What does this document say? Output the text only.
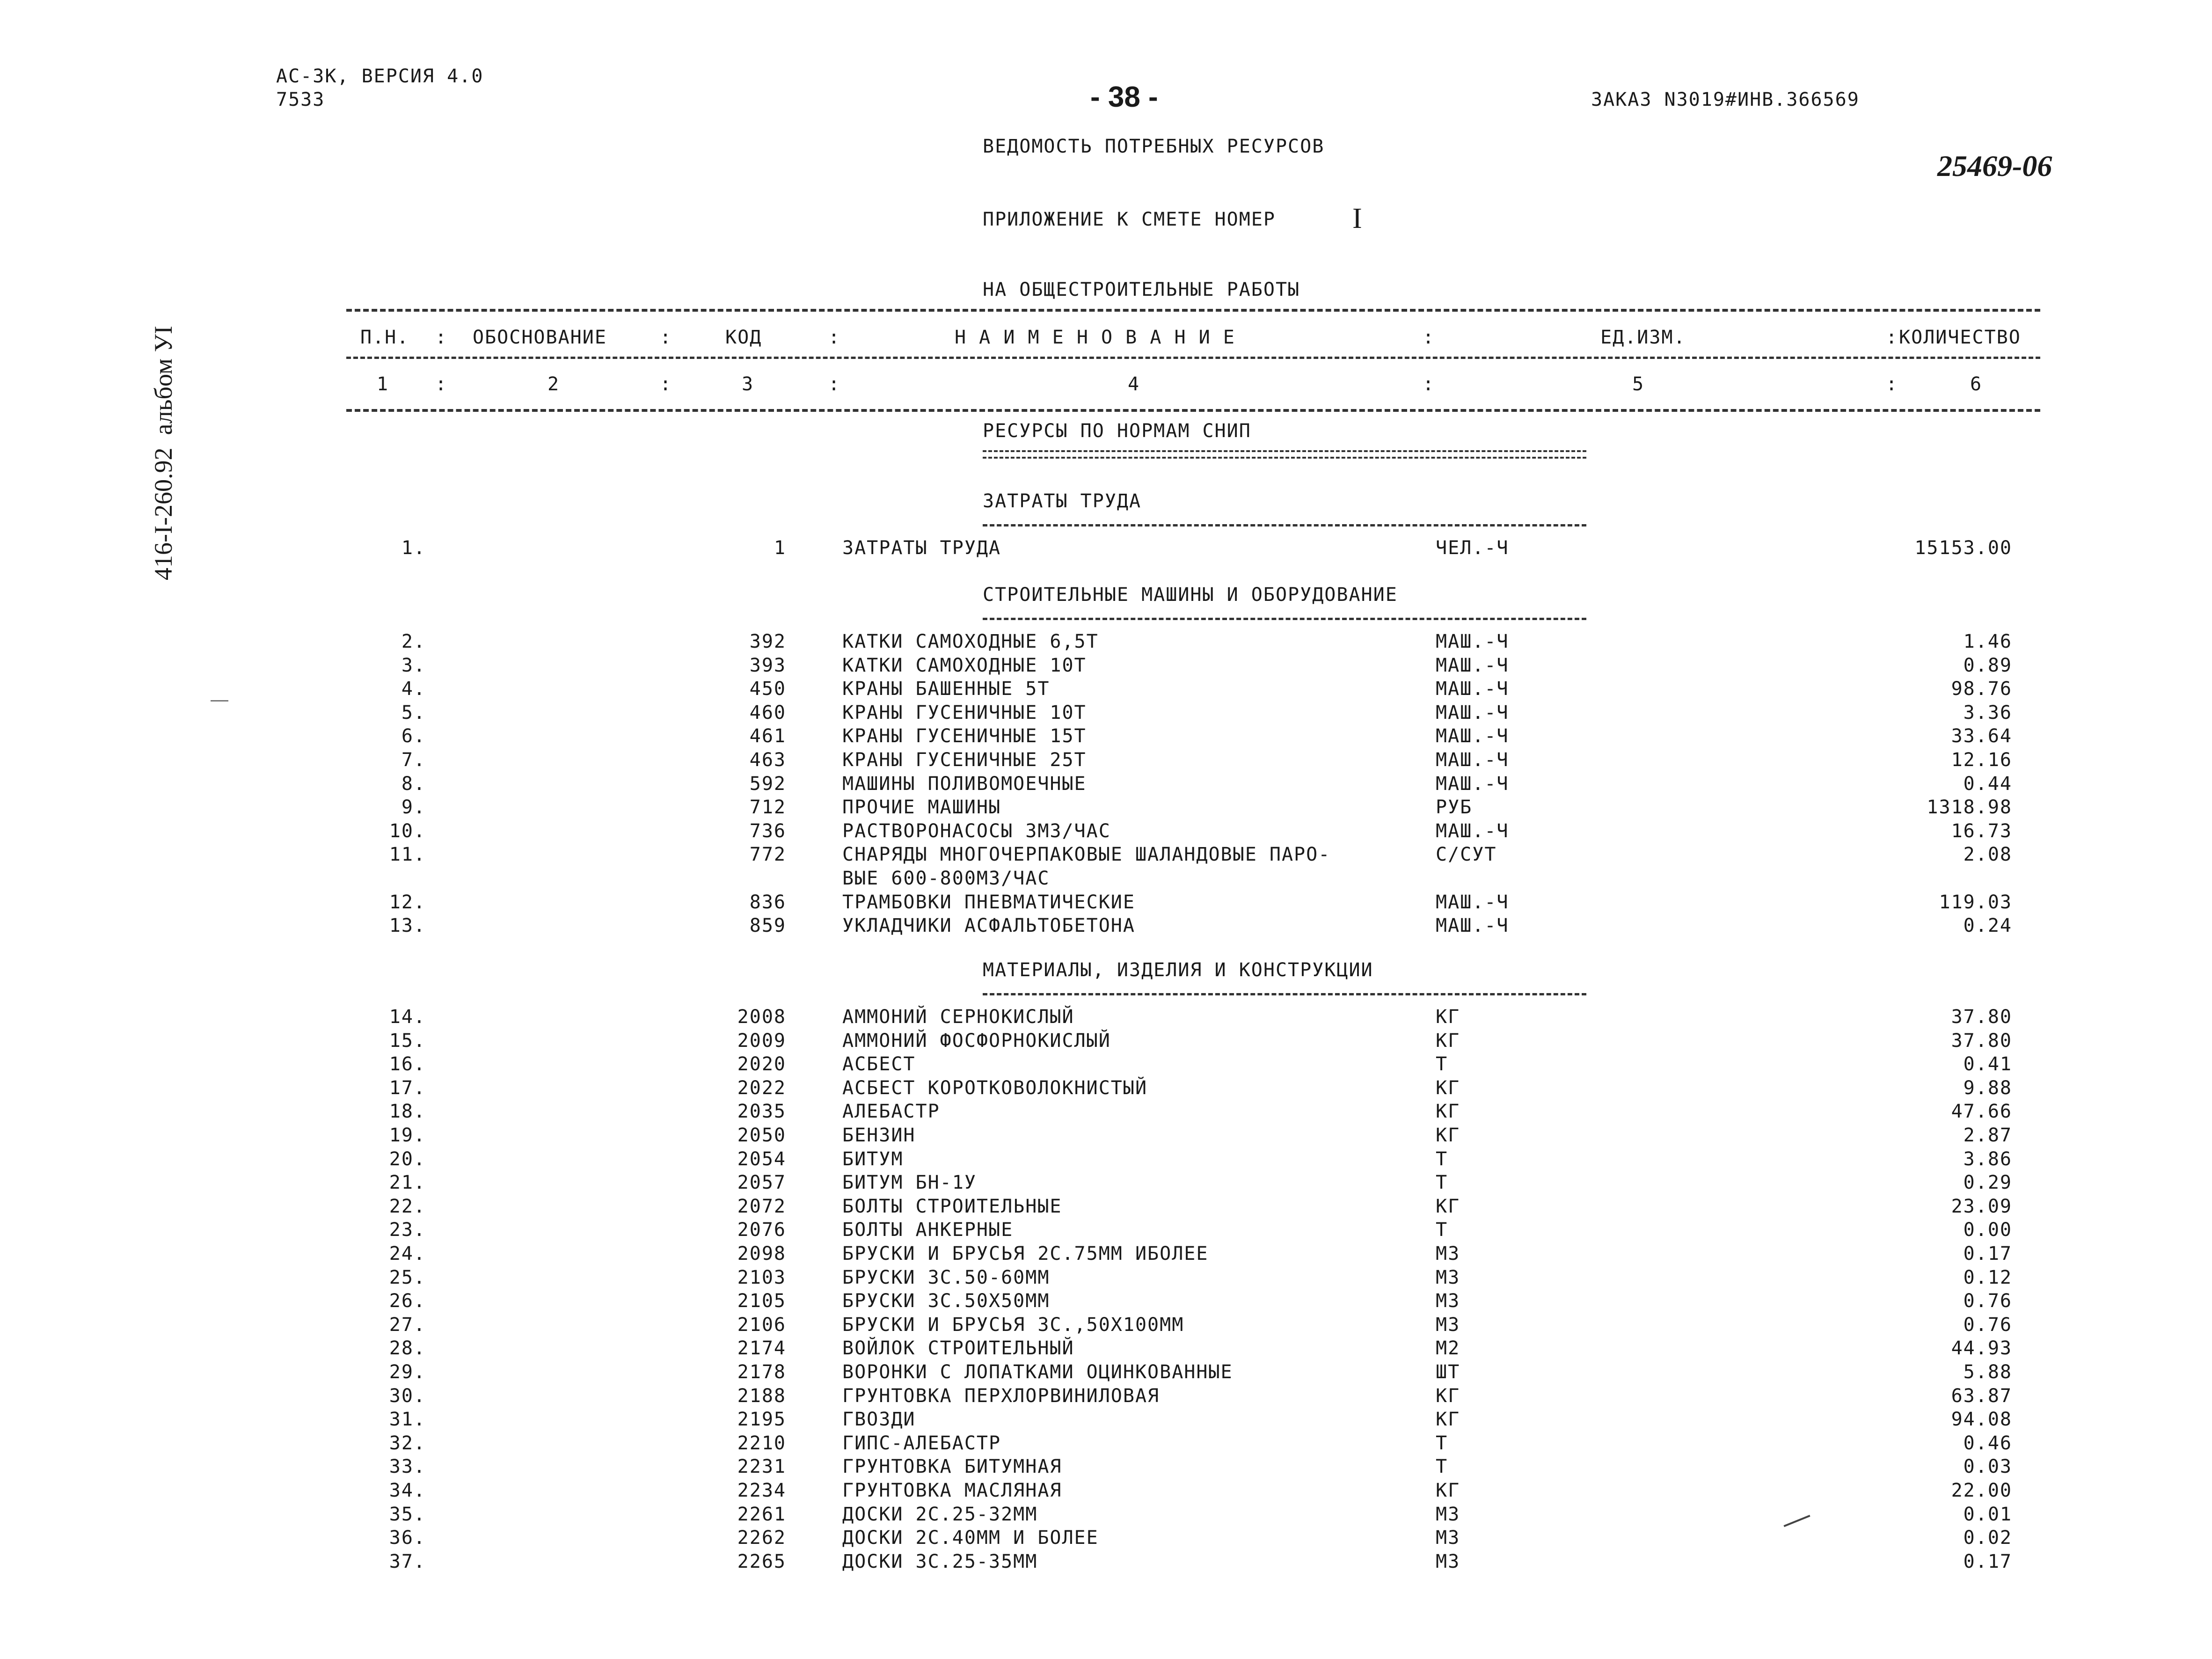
АС-3К, ВЕРСИЯ 4.0
7533	- 38 -	ЗАКАЗ N3019#ИНВ.366569
25469-06
416-I-260.92  альбом УI
ВЕДОМОСТЬ ПОТРЕБНЫХ РЕСУРСОВ
ПРИЛОЖЕНИЕ К СМЕТЕ НОМЕР	I
НА ОБЩЕСТРОИТЕЛЬНЫЕ РАБОТЫ
П.Н. : ОБОСНОВАНИЕ	:	КОД	:	Н А И М Е Н О В А Н И Е	:	ЕД.ИЗМ.	: КОЛИЧЕСТВО
1 :	2	:	3	:	4	:	5	:	6
РЕСУРСЫ ПО НОРМАМ СНИП
ЗАТРАТЫ ТРУДА
1.	1	ЗАТРАТЫ ТРУДА	ЧЕЛ.-Ч	15153.00
СТРОИТЕЛЬНЫЕ МАШИНЫ И ОБОРУДОВАНИЕ
2.	392	КАТКИ САМОХОДНЫЕ 6,5Т	МАШ.-Ч	1.46
3.	393	КАТКИ САМОХОДНЫЕ 10Т	МАШ.-Ч	0.89
4.	450	КРАНЫ БАШЕННЫЕ 5Т	МАШ.-Ч	98.76
5.	460	КРАНЫ ГУСЕНИЧНЫЕ 10Т	МАШ.-Ч	3.36
6.	461	КРАНЫ ГУСЕНИЧНЫЕ 15Т	МАШ.-Ч	33.64
7.	463	КРАНЫ ГУСЕНИЧНЫЕ 25Т	МАШ.-Ч	12.16
8.	592	МАШИНЫ ПОЛИВОМОЕЧНЫЕ	МАШ.-Ч	0.44
9.	712	ПРОЧИЕ МАШИНЫ	РУБ	1318.98
10.	736	РАСТВОРОНАСОСЫ 3М3/ЧАС	МАШ.-Ч	16.73
11.	772	СНАРЯДЫ МНОГОЧЕРПАКОВЫЕ ШАЛАНДОВЫЕ ПАРО-	С/СУТ	2.08
ВЫЕ 600-800М3/ЧАС
12.	836	ТРАМБОВКИ ПНЕВМАТИЧЕСКИЕ	МАШ.-Ч	119.03
13.	859	УКЛАДЧИКИ АСФАЛЬТОБЕТОНА	МАШ.-Ч	0.24
МАТЕРИАЛЫ, ИЗДЕЛИЯ И КОНСТРУКЦИИ
14.	2008	АММОНИЙ СЕРНОКИСЛЫЙ	КГ	37.80
15.	2009	АММОНИЙ ФОСФОРНОКИСЛЫЙ	КГ	37.80
16.	2020	АСБЕСТ	Т	0.41
17.	2022	АСБЕСТ КОРОТКОВОЛОКНИСТЫЙ	КГ	9.88
18.	2035	АЛЕБАСТР	КГ	47.66
19.	2050	БЕНЗИН	КГ	2.87
20.	2054	БИТУМ	Т	3.86
21.	2057	БИТУМ БН-1У	Т	0.29
22.	2072	БОЛТЫ СТРОИТЕЛЬНЫЕ	КГ	23.09
23.	2076	БОЛТЫ АНКЕРНЫЕ	Т	0.00
24.	2098	БРУСКИ И БРУСЬЯ 2С.75ММ ИБОЛЕЕ	М3	0.17
25.	2103	БРУСКИ 3С.50-60ММ	М3	0.12
26.	2105	БРУСКИ 3С.50Х50ММ	М3	0.76
27.	2106	БРУСКИ И БРУСЬЯ 3С.,50Х100ММ	М3	0.76
28.	2174	ВОЙЛОК СТРОИТЕЛЬНЫЙ	М2	44.93
29.	2178	ВОРОНКИ С ЛОПАТКАМИ ОЦИНКОВАННЫЕ	ШТ	5.88
30.	2188	ГРУНТОВКА ПЕРХЛОРВИНИЛОВАЯ	КГ	63.87
31.	2195	ГВОЗДИ	КГ	94.08
32.	2210	ГИПС-АЛЕБАСТР	Т	0.46
33.	2231	ГРУНТОВКА БИТУМНАЯ	Т	0.03
34.	2234	ГРУНТОВКА МАСЛЯНАЯ	КГ	22.00
35.	2261	ДОСКИ 2С.25-32ММ	М3	0.01
36.	2262	ДОСКИ 2С.40ММ И БОЛЕЕ	М3	0.02
37.	2265	ДОСКИ 3С.25-35ММ	М3	0.17
